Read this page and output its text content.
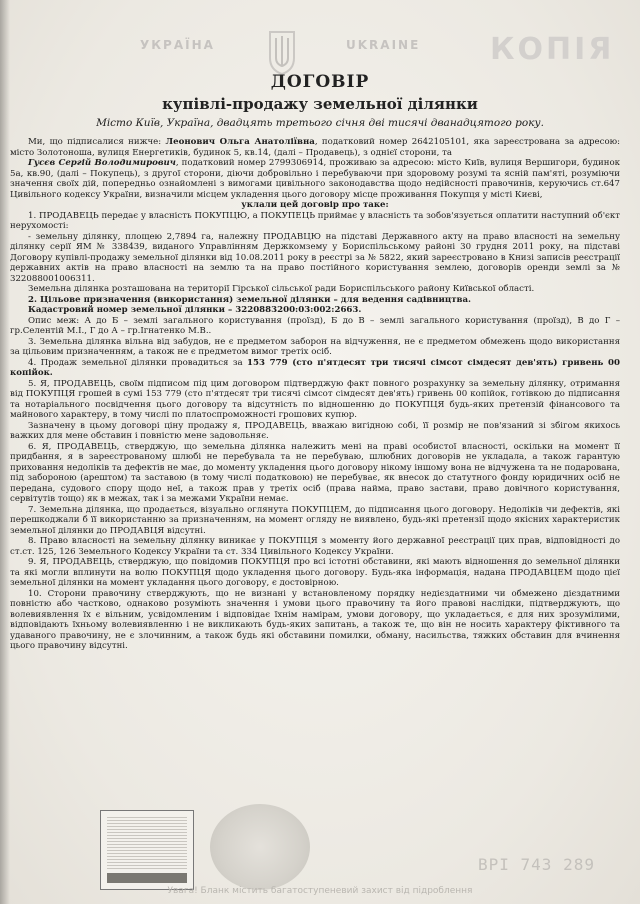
УКРАЇНА	UKRAINE КОПІЯ
ДОГОВІР
купівлі-продажу земельної ділянки
Місто Київ, Україна, двадцять третього січня дві тисячі дванадцятого року.

Ми, що підписалися нижче: Леонович Ольга Анатоліївна, податковий номер 2642105101, яка зареєстрована за адресою: місто Золотоноша, вулиця Енергетиків, будинок 5, кв.14, (далі – Продавець), з однієї сторони, та

Гусєв Сергій Володимирович, податковий номер 2799306914, проживаю за адресою: місто Київ, вулиця Вершигори, будинок 5а, кв.90, (далі – Покупець), з другої сторони, діючи добровільно і перебуваючи при здоровому розумі та ясній пам'яті, розуміючи значення своїх дій, попередньо ознайомлені з вимогами цивільного законодавства щодо недійсності правочинів, керуючись ст.647 Цивільного кодексу України, визначили місцем укладення цього договору місце проживання Покупця у місті Києві,

уклали цей договір про таке:

1. ПРОДАВЕЦЬ передає у власність ПОКУПЦЮ, а ПОКУПЕЦЬ приймає у власність та зобов'язується оплатити наступний об'єкт нерухомості:

- земельну ділянку, площею 2,7894 га, належну ПРОДАВЦЮ на підставі Державного акту на право власності на земельну ділянку серії ЯМ № 338439, виданого Управлінням Держкомзему у Бориспільському районі 30 грудня 2011 року, на підставі Договору купівлі-продажу земельної ділянки від 10.08.2011 року в реєстрі за № 5822, який зареєстровано в Книзі записів реєстрації державних актів на право власності на землю та на право постійного користування землею, договорів оренди землі за № 322088001006311.

Земельна ділянка розташована на території Гірської сільської ради Бориспільського району Київської області.

2. Цільове призначення (використання) земельної ділянки – для ведення садівництва.

Кадастровий номер земельної ділянки – 3220883200:03:002:2663.

Опис меж: А до Б – землі загального користування (проїзд), Б до В – землі загального користування (проїзд), В до Г – гр.Селентій М.І., Г до А – гр.Ігнатенко М.В..

3. Земельна ділянка вільна від забудов, не є предметом заборон на відчуження, не є предметом обмежень щодо використання за цільовим призначенням, а також не є предметом вимог третіх осіб.

4. Продаж земельної ділянки провадиться за 153 779 (сто п'ятдесят три тисячі сімсот сімдесят дев'ять) гривень 00 копійок.

5. Я, ПРОДАВЕЦЬ, своїм підписом під цим договором підтверджую факт повного розрахунку за земельну ділянку, отримання від ПОКУПЦЯ грошей в сумі 153 779 (сто п'ятдесят три тисячі сімсот сімдесят дев'ять) гривень 00 копійок, готівкою до підписання та нотаріального посвідчення цього договору та відсутність по відношенню до ПОКУПЦЯ будь-яких претензій фінансового та майнового характеру, в тому числі по платоспроможності грошових купюр.

Зазначену в цьому договорі ціну продажу я, ПРОДАВЕЦЬ, вважаю вигідною собі, її розмір не пов'язаний зі збігом якихось важких для мене обставин і повністю мене задовольняє.

6. Я, ПРОДАВЕЦЬ, стверджую, що земельна ділянка належить мені на праві особистої власності, оскільки на момент її придбання, я в зареєстрованому шлюбі не перебувала та не перебуваю, шлюбних договорів не укладала, а також гарантую приховання недоліків та дефектів не має, до моменту укладення цього договору нікому іншому вона не відчужена та не подарована, під забороною (арештом) та заставою (в тому числі податковою) не перебуває, як внесок до статутного фонду юридичних осіб не передана, судового спору щодо неї, а також прав у третіх осіб (права найма, право застави, право довічного користування, сервітутів тощо) як в межах, так і за межами України немає.

7. Земельна ділянка, що продається, візуально оглянута ПОКУПЦЕМ, до підписання цього договору. Недоліків чи дефектів, які перешкоджали б її використанню за призначенням, на момент огляду не виявлено, будь-які претензії щодо якісних характеристик земельної ділянки до ПРОДАВЦЯ відсутні.

8. Право власності на земельну ділянку виникає у ПОКУПЦЯ з моменту його державної реєстрації цих прав, відповідності до ст.ст. 125, 126 Земельного Кодексу України та ст. 334 Цивільного Кодексу України.

9. Я, ПРОДАВЕЦЬ, стверджую, що повідомив ПОКУПЦЯ про всі істотні обставини, які мають відношення до земельної ділянки та які могли вплинути на волю ПОКУПЦЯ щодо укладення цього договору. Будь-яка інформація, надана ПРОДАВЦЕМ щодо цієї земельної ділянки на момент укладання цього договору, є достовірною.

10. Сторони правочину стверджують, що не визнані у встановленому порядку недієздатними чи обмежено дієздатними повністю або частково, однаково розуміють значення і умови цього правочину та його правові наслідки, підтверджують, що волевиявлення їх є вільним, усвідомленим і відповідає їхнім намірам, умови договору, що укладається, є для них зрозумілими, відповідають їхньому волевиявленню і не викликають будь-яких запитань, а також те, що він не носить характеру фіктивного та удаваного правочину, не є злочинним, а також будь які обставини помилки, обману, насильства, тяжких обставин для вчинення цього правочину відсутні.

ВРІ 743 289
Увага! Бланк містить багатоступеневий захист від підроблення
